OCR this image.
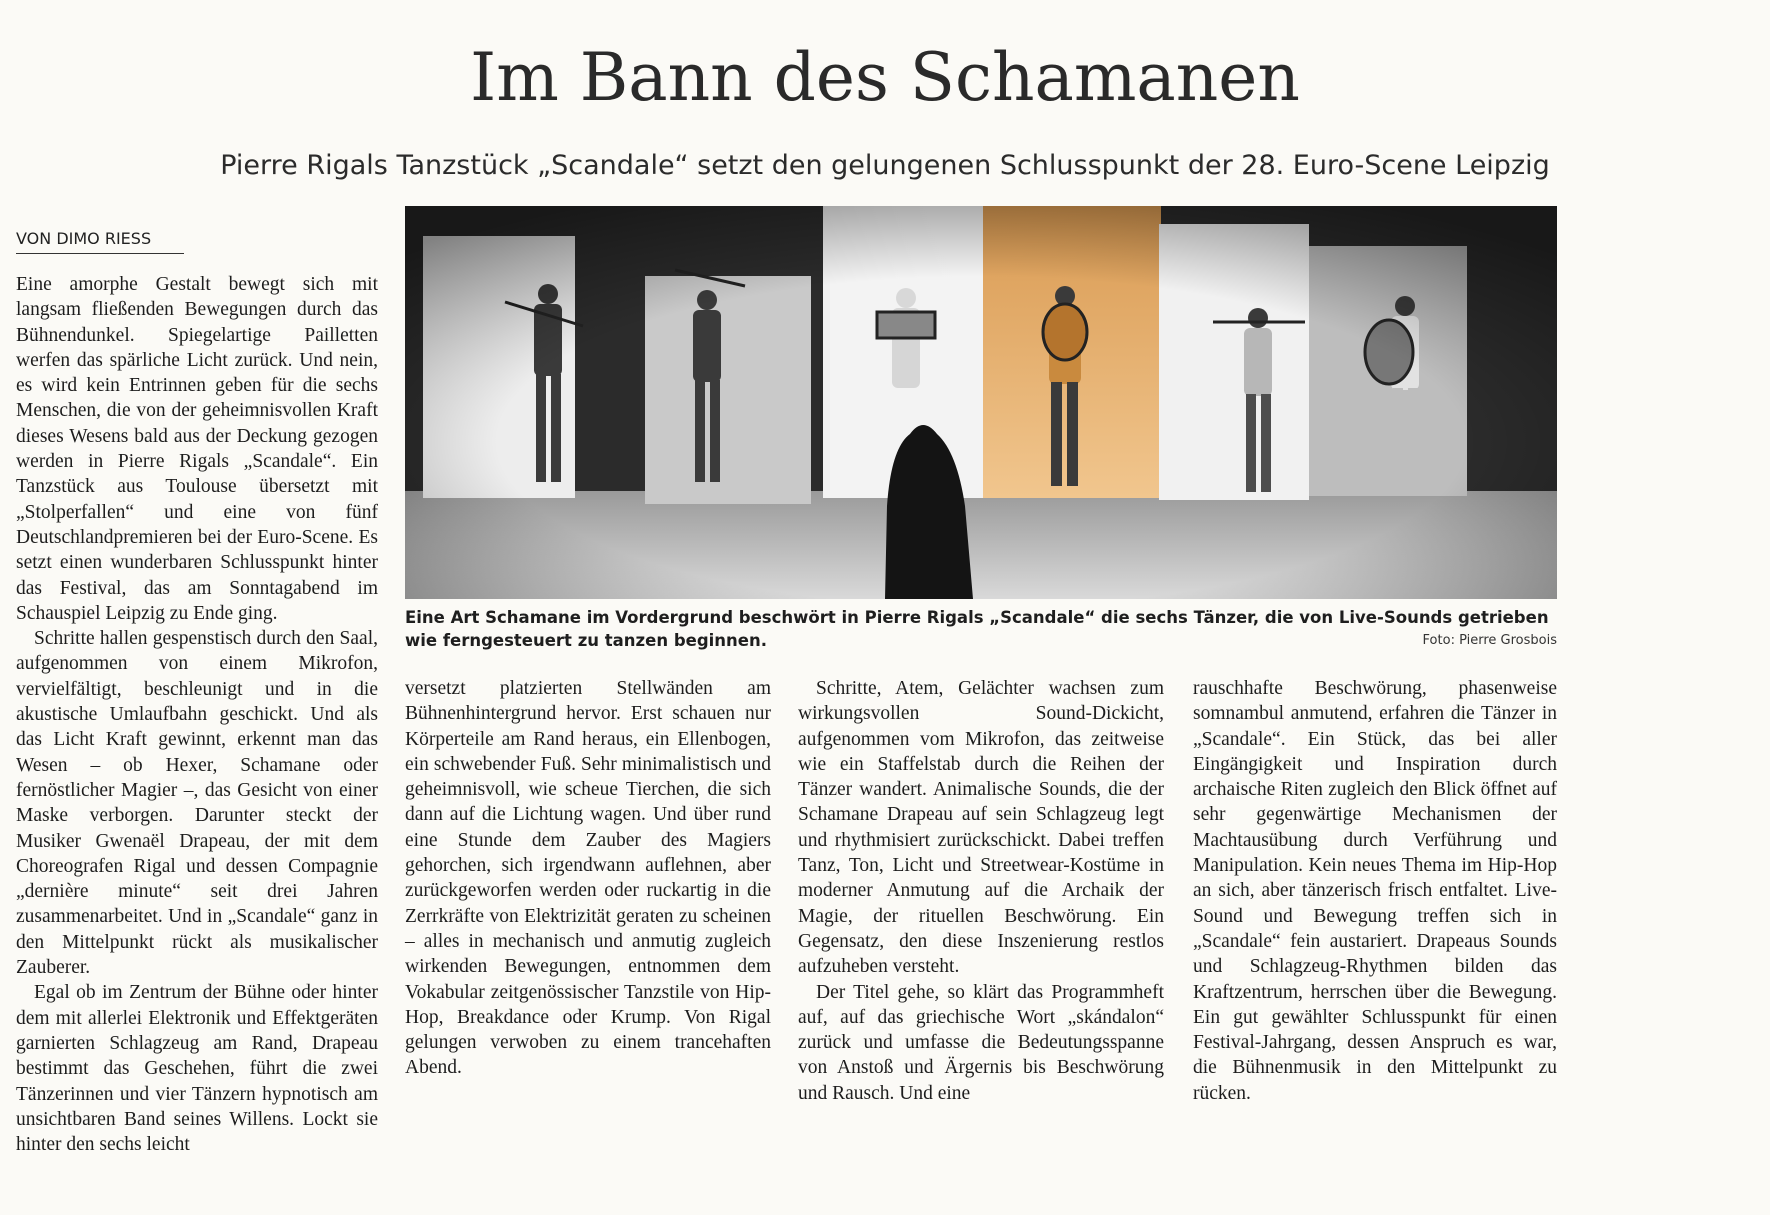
Im Bann des Schamanen
Pierre Rigals Tanzstück „Scandale“ setzt den gelungenen Schlusspunkt der 28. Euro-Scene Leipzig
VON DIMO RIESS

Eine amorphe Gestalt bewegt sich mit langsam fließenden Bewegungen durch das Bühnendunkel. Spiegelartige Pailletten werfen das spärliche Licht zurück. Und nein, es wird kein Entrinnen geben für die sechs Menschen, die von der geheimnisvollen Kraft dieses Wesens bald aus der Deckung gezogen werden in Pierre Rigals „Scandale“. Ein Tanzstück aus Toulouse übersetzt mit „Stolperfallen“ und eine von fünf Deutschlandpremieren bei der Euro-Scene. Es setzt einen wunderbaren Schlusspunkt hinter das Festival, das am Sonntagabend im Schauspiel Leipzig zu Ende ging.

Schritte hallen gespenstisch durch den Saal, aufgenommen von einem Mikrofon, vervielfältigt, beschleunigt und in die akustische Umlaufbahn geschickt. Und als das Licht Kraft gewinnt, erkennt man das Wesen – ob Hexer, Schamane oder fernöstlicher Magier –, das Gesicht von einer Maske verborgen. Darunter steckt der Musiker Gwenaël Drapeau, der mit dem Choreografen Rigal und dessen Compagnie „dernière minute“ seit drei Jahren zusammenarbeitet. Und in „Scandale“ ganz in den Mittelpunkt rückt als musikalischer Zauberer.

Egal ob im Zentrum der Bühne oder hinter dem mit allerlei Elektronik und Effektgeräten garnierten Schlagzeug am Rand, Drapeau bestimmt das Geschehen, führt die zwei Tänzerinnen und vier Tänzern hypnotisch am unsichtbaren Band seines Willens. Lockt sie hinter den sechs leicht

Eine Art Schamane im Vordergrund beschwört in Pierre Rigals „Scandale“ die sechs Tänzer, die von Live-Sounds getrieben wie ferngesteuert zu tanzen beginnen.	Foto: Pierre Grosbois

versetzt platzierten Stellwänden am Bühnenhintergrund hervor. Erst schauen nur Körperteile am Rand heraus, ein Ellenbogen, ein schwebender Fuß. Sehr minimalistisch und geheimnisvoll, wie scheue Tierchen, die sich dann auf die Lichtung wagen. Und über rund eine Stunde dem Zauber des Magiers gehorchen, sich irgendwann auflehnen, aber zurückgeworfen werden oder ruckartig in die Zerrkräfte von Elektrizität geraten zu scheinen – alles in mechanisch und anmutig zugleich wirkenden Bewegungen, entnommen dem Vokabular zeitgenössischer Tanzstile von Hip-Hop, Breakdance oder Krump. Von Rigal gelungen verwoben zu einem trancehaften Abend.

Schritte, Atem, Gelächter wachsen zum wirkungsvollen Sound-Dickicht, aufgenommen vom Mikrofon, das zeitweise wie ein Staffelstab durch die Reihen der Tänzer wandert. Animalische Sounds, die der Schamane Drapeau auf sein Schlagzeug legt und rhythmisiert zurückschickt. Dabei treffen Tanz, Ton, Licht und Streetwear-Kostüme in moderner Anmutung auf die Archaik der Magie, der rituellen Beschwörung. Ein Gegensatz, den diese Inszenierung restlos aufzuheben versteht.

Der Titel gehe, so klärt das Programmheft auf, auf das griechische Wort „skándalon“ zurück und umfasse die Bedeutungsspanne von Anstoß und Ärgernis bis Beschwörung und Rausch. Und eine

rauschhafte Beschwörung, phasenweise somnambul anmutend, erfahren die Tänzer in „Scandale“. Ein Stück, das bei aller Eingängigkeit und Inspiration durch archaische Riten zugleich den Blick öffnet auf sehr gegenwärtige Mechanismen der Machtausübung durch Verführung und Manipulation. Kein neues Thema im Hip-Hop an sich, aber tänzerisch frisch entfaltet. Live-Sound und Bewegung treffen sich in „Scandale“ fein austariert. Drapeaus Sounds und Schlagzeug-Rhythmen bilden das Kraftzentrum, herrschen über die Bewegung. Ein gut gewählter Schlusspunkt für einen Festival-Jahrgang, dessen Anspruch es war, die Bühnenmusik in den Mittelpunkt zu rücken.
